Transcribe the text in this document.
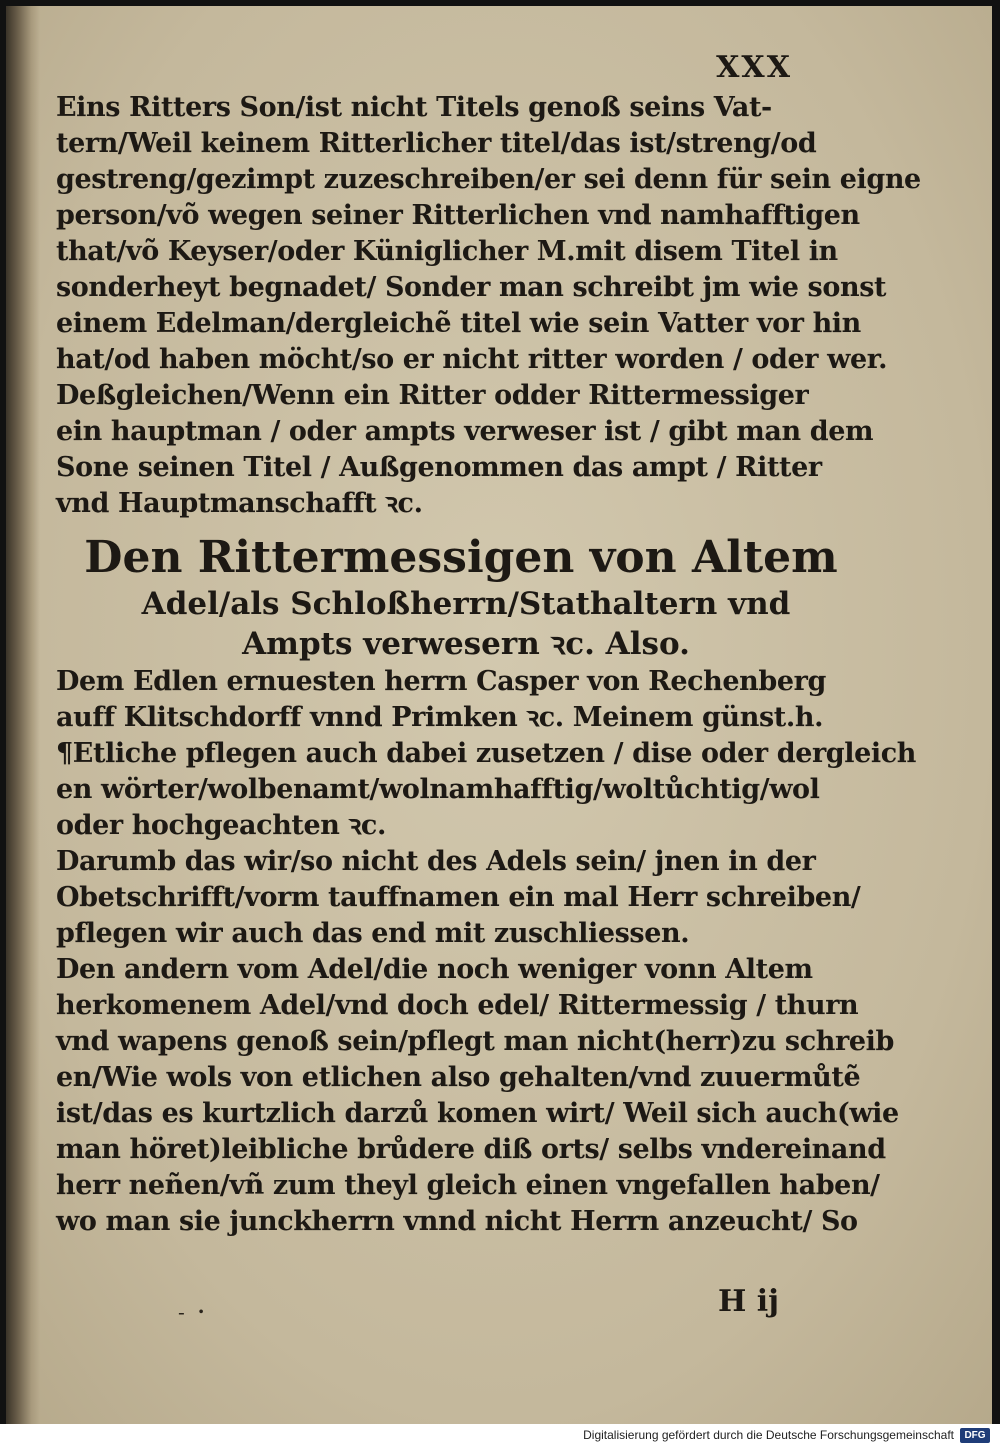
XXX
Eins Ritters Son/ist nicht Titels genoß seins Vat-
tern/Weil keinem Ritterlicher titel/das ist/streng/od
gestreng/gezimpt zuzeschreiben/er sei denn für sein eigne
person/võ wegen seiner Ritterlichen vnd namhafftigen
that/võ Keyser/oder Küniglicher M.mit disem Titel in
sonderheyt begnadet/ Sonder man schreibt jm wie sonst
einem Edelman/dergleichẽ titel wie sein Vatter vor hin
hat/od haben möcht/so er nicht ritter worden / oder wer.
Deßgleichen/Wenn ein Ritter odder Rittermessiger
ein hauptman / oder ampts verweser ist / gibt man dem
Sone seinen Titel / Außgenommen das ampt / Ritter
vnd Hauptmanschafft ꝛc.
Den Rittermessigen von Altem
Adel/als Schloßherrn/Stathaltern vnd
Ampts verwesern ꝛc. Also.
Dem Edlen ernuesten herrn Casper von Rechenberg
auff Klitschdorff vnnd Primken ꝛc. Meinem günst.h.
¶Etliche pflegen auch dabei zusetzen / dise oder dergleich
en wörter/wolbenamt/wolnamhafftig/woltůchtig/wol
oder hochgeachten ꝛc.
Darumb das wir/so nicht des Adels sein/ jnen in der
Obetschrifft/vorm tauffnamen ein mal Herr schreiben/
pflegen wir auch das end mit zuschliessen.
Den andern vom Adel/die noch weniger vonn Altem
herkomenem Adel/vnd doch edel/ Rittermessig / thurn
vnd wapens genoß sein/pflegt man nicht(herr)zu schreib
en/Wie wols von etlichen also gehalten/vnd zuuermůtẽ
ist/das es kurtzlich darzů komen wirt/ Weil sich auch(wie
man höret)leibliche brůdere diß orts/ selbs vndereinand
herr neñen/vñ zum theyl gleich einen vngefallen haben/
wo man sie junckherrn vnnd nicht Herrn anzeucht/ So
- ・	H ij
Digitalisierung gefördert durch die Deutsche Forschungsgemeinschaft	DFG
